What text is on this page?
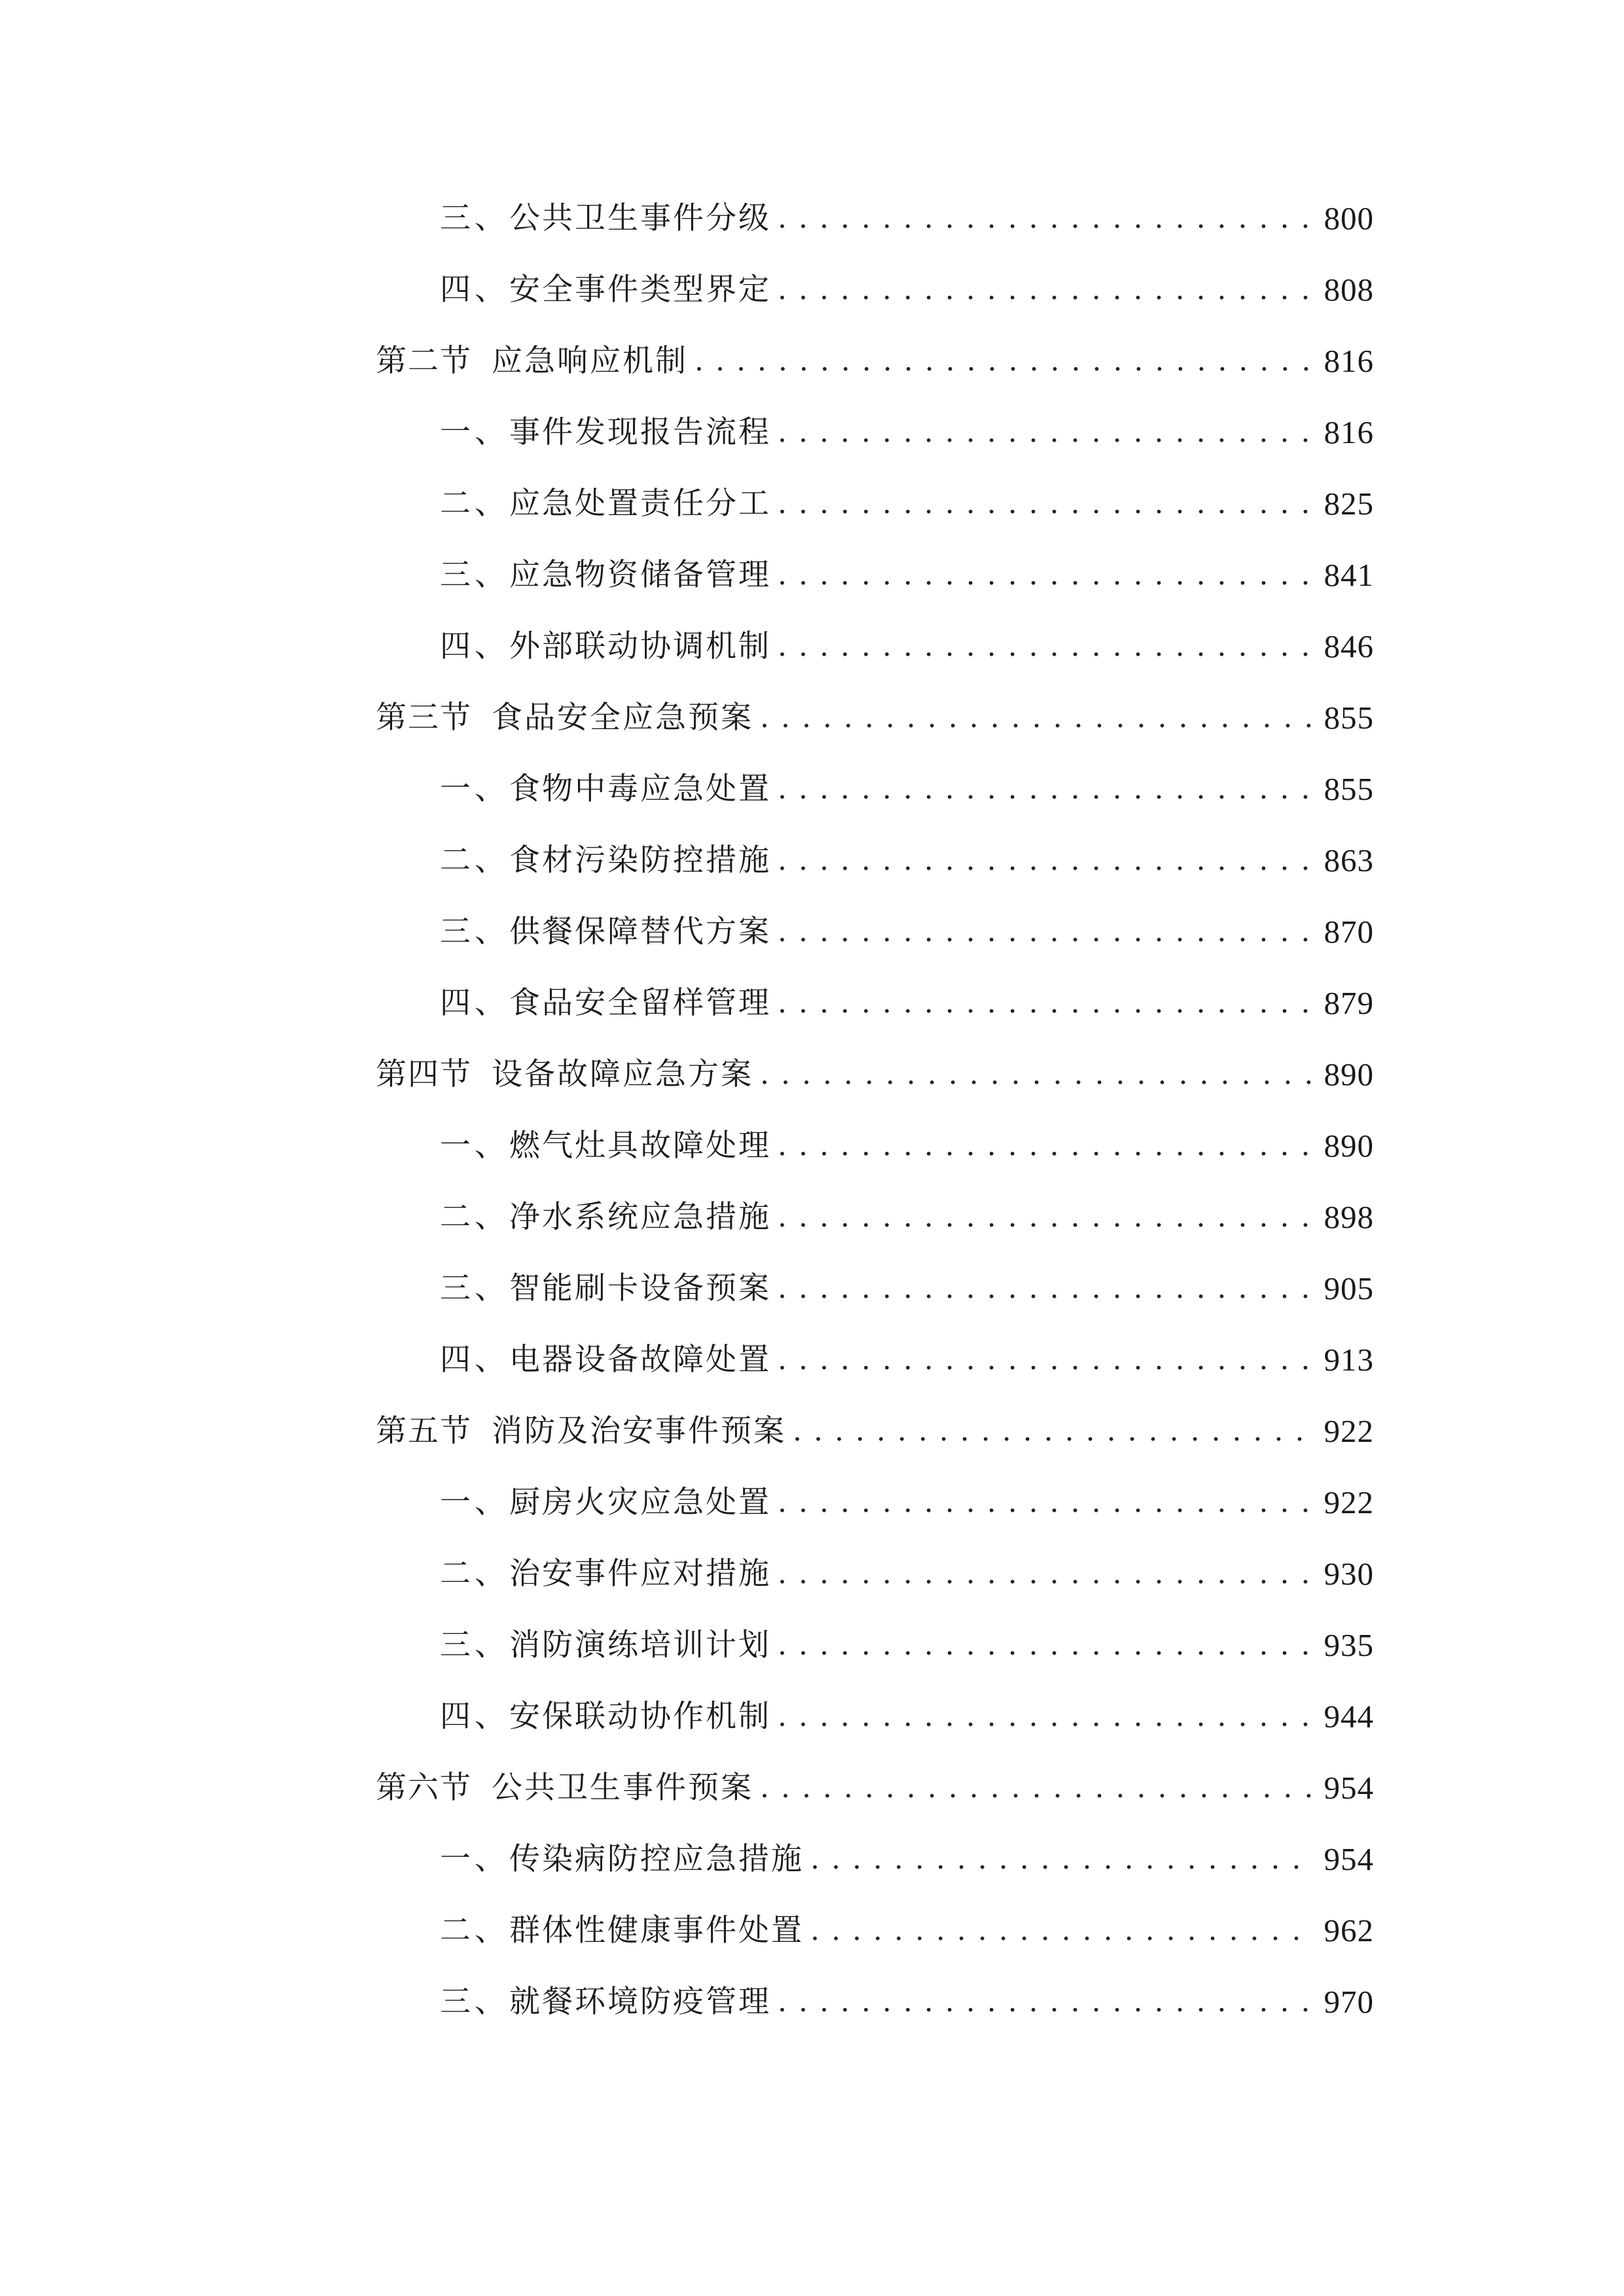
三、 公共卫生事件分级 . . .	800
四、 安全事件类型界定 . . .	808
第二节 应急响应机制 . . .	816
一、 事件发现报告流程 . . .	816
二、 应急处置责任分工 . . .	825
三、 应急物资储备管理 . . .	841
四、 外部联动协调机制 . . .	846
第三节 食品安全应急预案 . . .	855
一、 食物中毒应急处置 . . .	855
二、 食材污染防控措施 . . .	863
三、 供餐保障替代方案 . . .	870
四、 食品安全留样管理 . . .	879
第四节 设备故障应急方案 . . .	890
一、 燃气灶具故障处理 . . .	890
二、 净水系统应急措施 . . .	898
三、 智能刷卡设备预案 . . .	905
四、 电器设备故障处置 . . .	913
第五节 消防及治安事件预案 . . .	922
一、 厨房火灾应急处置 . . .	922
二、 治安事件应对措施 . . .	930
三、 消防演练培训计划 . . .	935
四、 安保联动协作机制 . . .	944
第六节 公共卫生事件预案 . . .	954
一、 传染病防控应急措施 . . .	954
二、 群体性健康事件处置 . . .	962
三、 就餐环境防疫管理 . . .	970
